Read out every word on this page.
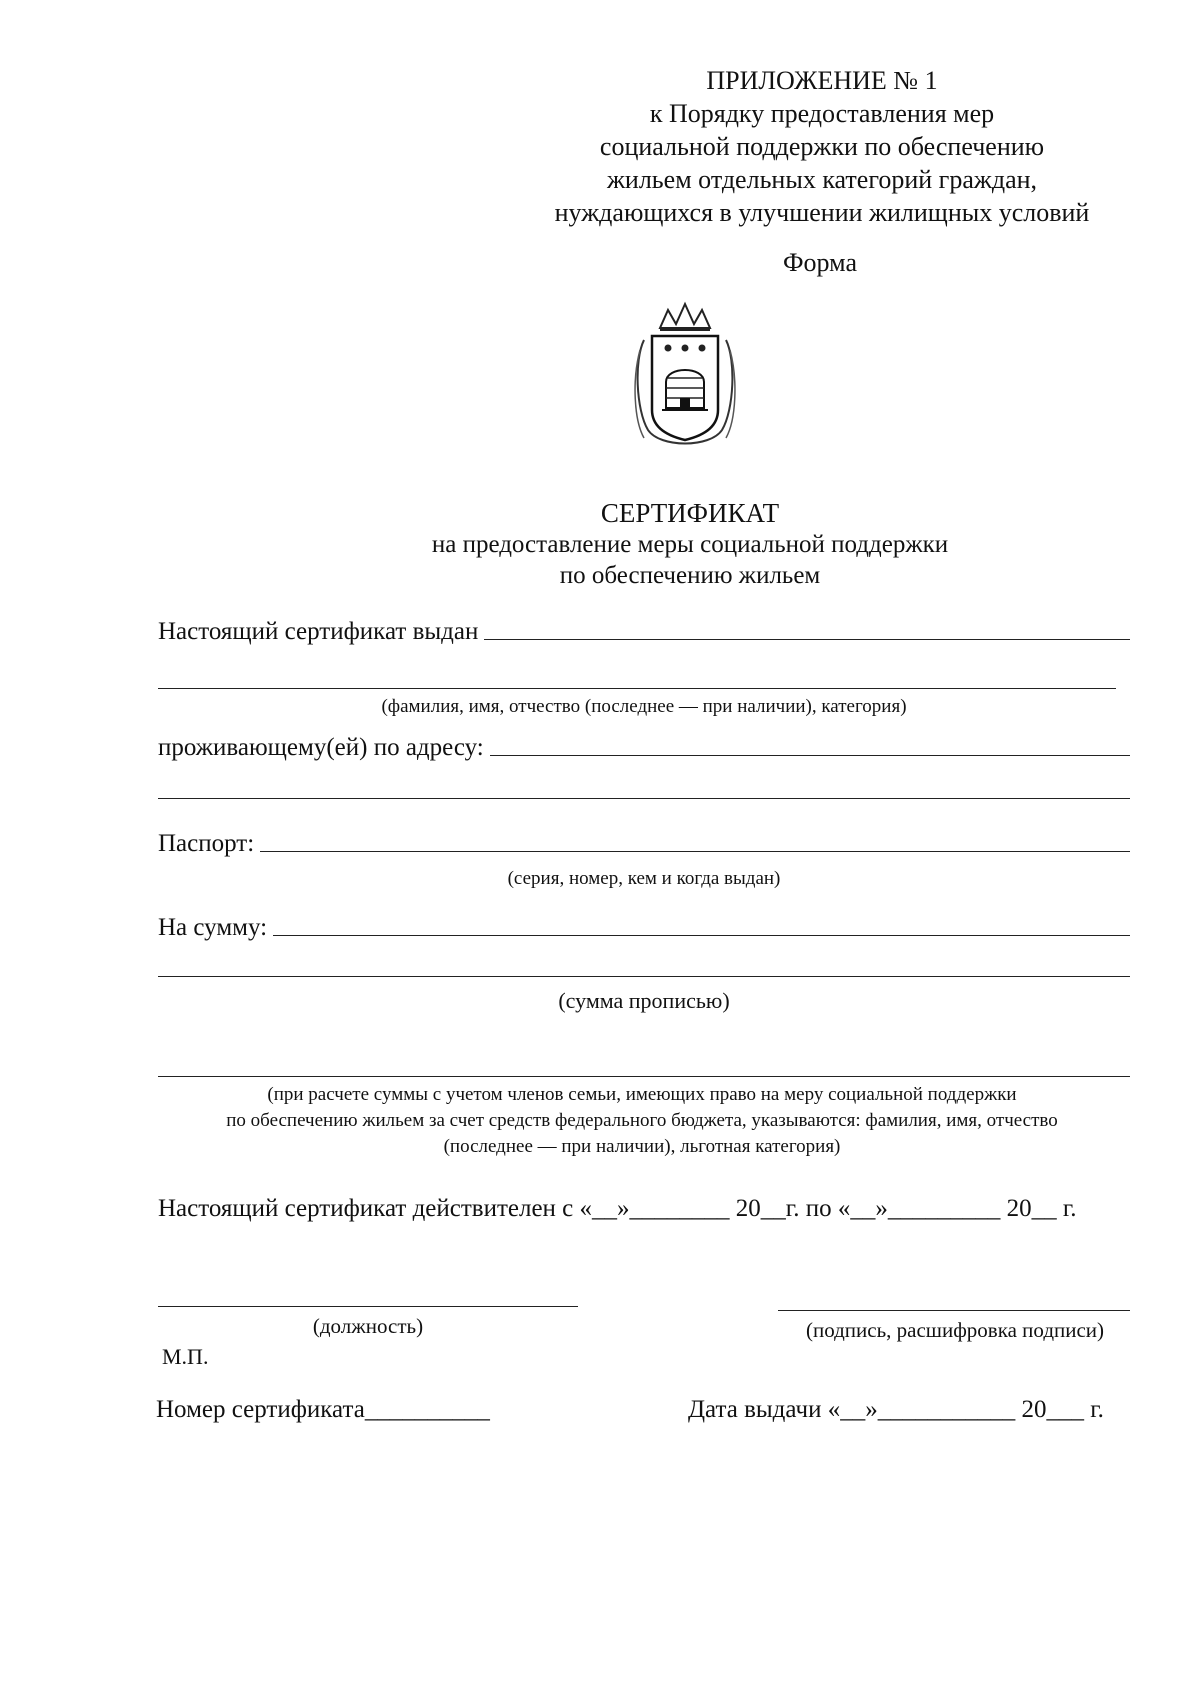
ПРИЛОЖЕНИЕ № 1
к Порядку предоставления мер
социальной поддержки по обеспечению
жильем отдельных категорий граждан,
нуждающихся в улучшении жилищных условий
Форма
СЕРТИФИКАТ
на предоставление меры социальной поддержки
по обеспечению жильем
Настоящий сертификат выдан
(фамилия, имя, отчество (последнее — при наличии), категория)
проживающему(ей) по адресу:
Паспорт:
(серия, номер, кем и когда выдан)
На сумму:
(сумма прописью)
(при расчете суммы с учетом членов семьи, имеющих право на меру социальной поддержки
по обеспечению жильем за счет средств федерального бюджета, указываются: фамилия, имя, отчество
(последнее — при наличии), льготная категория)
Настоящий сертификат действителен с «__»________ 20__г. по «__»_________ 20__ г.
(должность)	(подпись, расшифровка подписи)
М.П.
Номер сертификата__________	Дата выдачи «__»___________ 20___ г.
